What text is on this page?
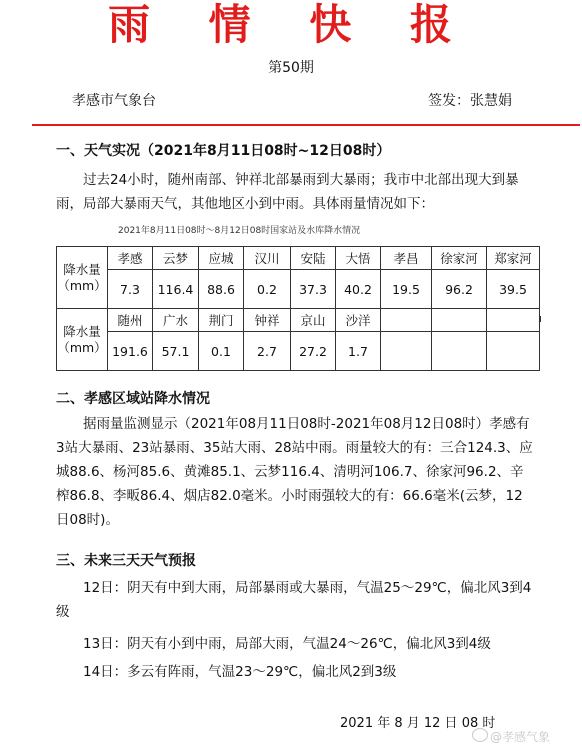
雨 情 快 报
第50期
孝感市气象台	签发：张慧娟
一、天气实况（2021年8月11日08时~12日08时）
过去24小时，随州南部、钟祥北部暴雨到大暴雨；我市中北部出现大到暴雨，局部大暴雨天气，其他地区小到中雨。具体雨量情况如下：
2021年8月11日08时～8月12日08时国家站及水库降水情况
降水量（mm）	孝感	云梦	应城	汉川	安陆	大悟	孝昌	徐家河	郑家河
	7.3	116.4	88.6	0.2	37.3	40.2	19.5	96.2	39.5
降水量（mm）	随州	广水	荆门	钟祥	京山	沙洋			
	191.6	57.1	0.1	2.7	27.2	1.7			
二、孝感区域站降水情况
据雨量监测显示（2021年08月11日08时-2021年08月12日08时）孝感有3站大暴雨、23站暴雨、35站大雨、28站中雨。雨量较大的有：三合124.3、应城88.6、杨河85.6、黄滩85.1、云梦116.4、清明河106.7、徐家河96.2、辛榨86.8、李畈86.4、烟店82.0毫米。小时雨强较大的有：66.6毫米(云梦，12日08时)。
三、未来三天天气预报
12日：阴天有中到大雨，局部暴雨或大暴雨，气温25～29℃，偏北风3到4级
13日：阴天有小到中雨，局部大雨，气温24～26℃，偏北风3到4级
14日：多云有阵雨，气温23～29℃，偏北风2到3级
2021 年 8 月 12 日 08 时
@孝感气象
